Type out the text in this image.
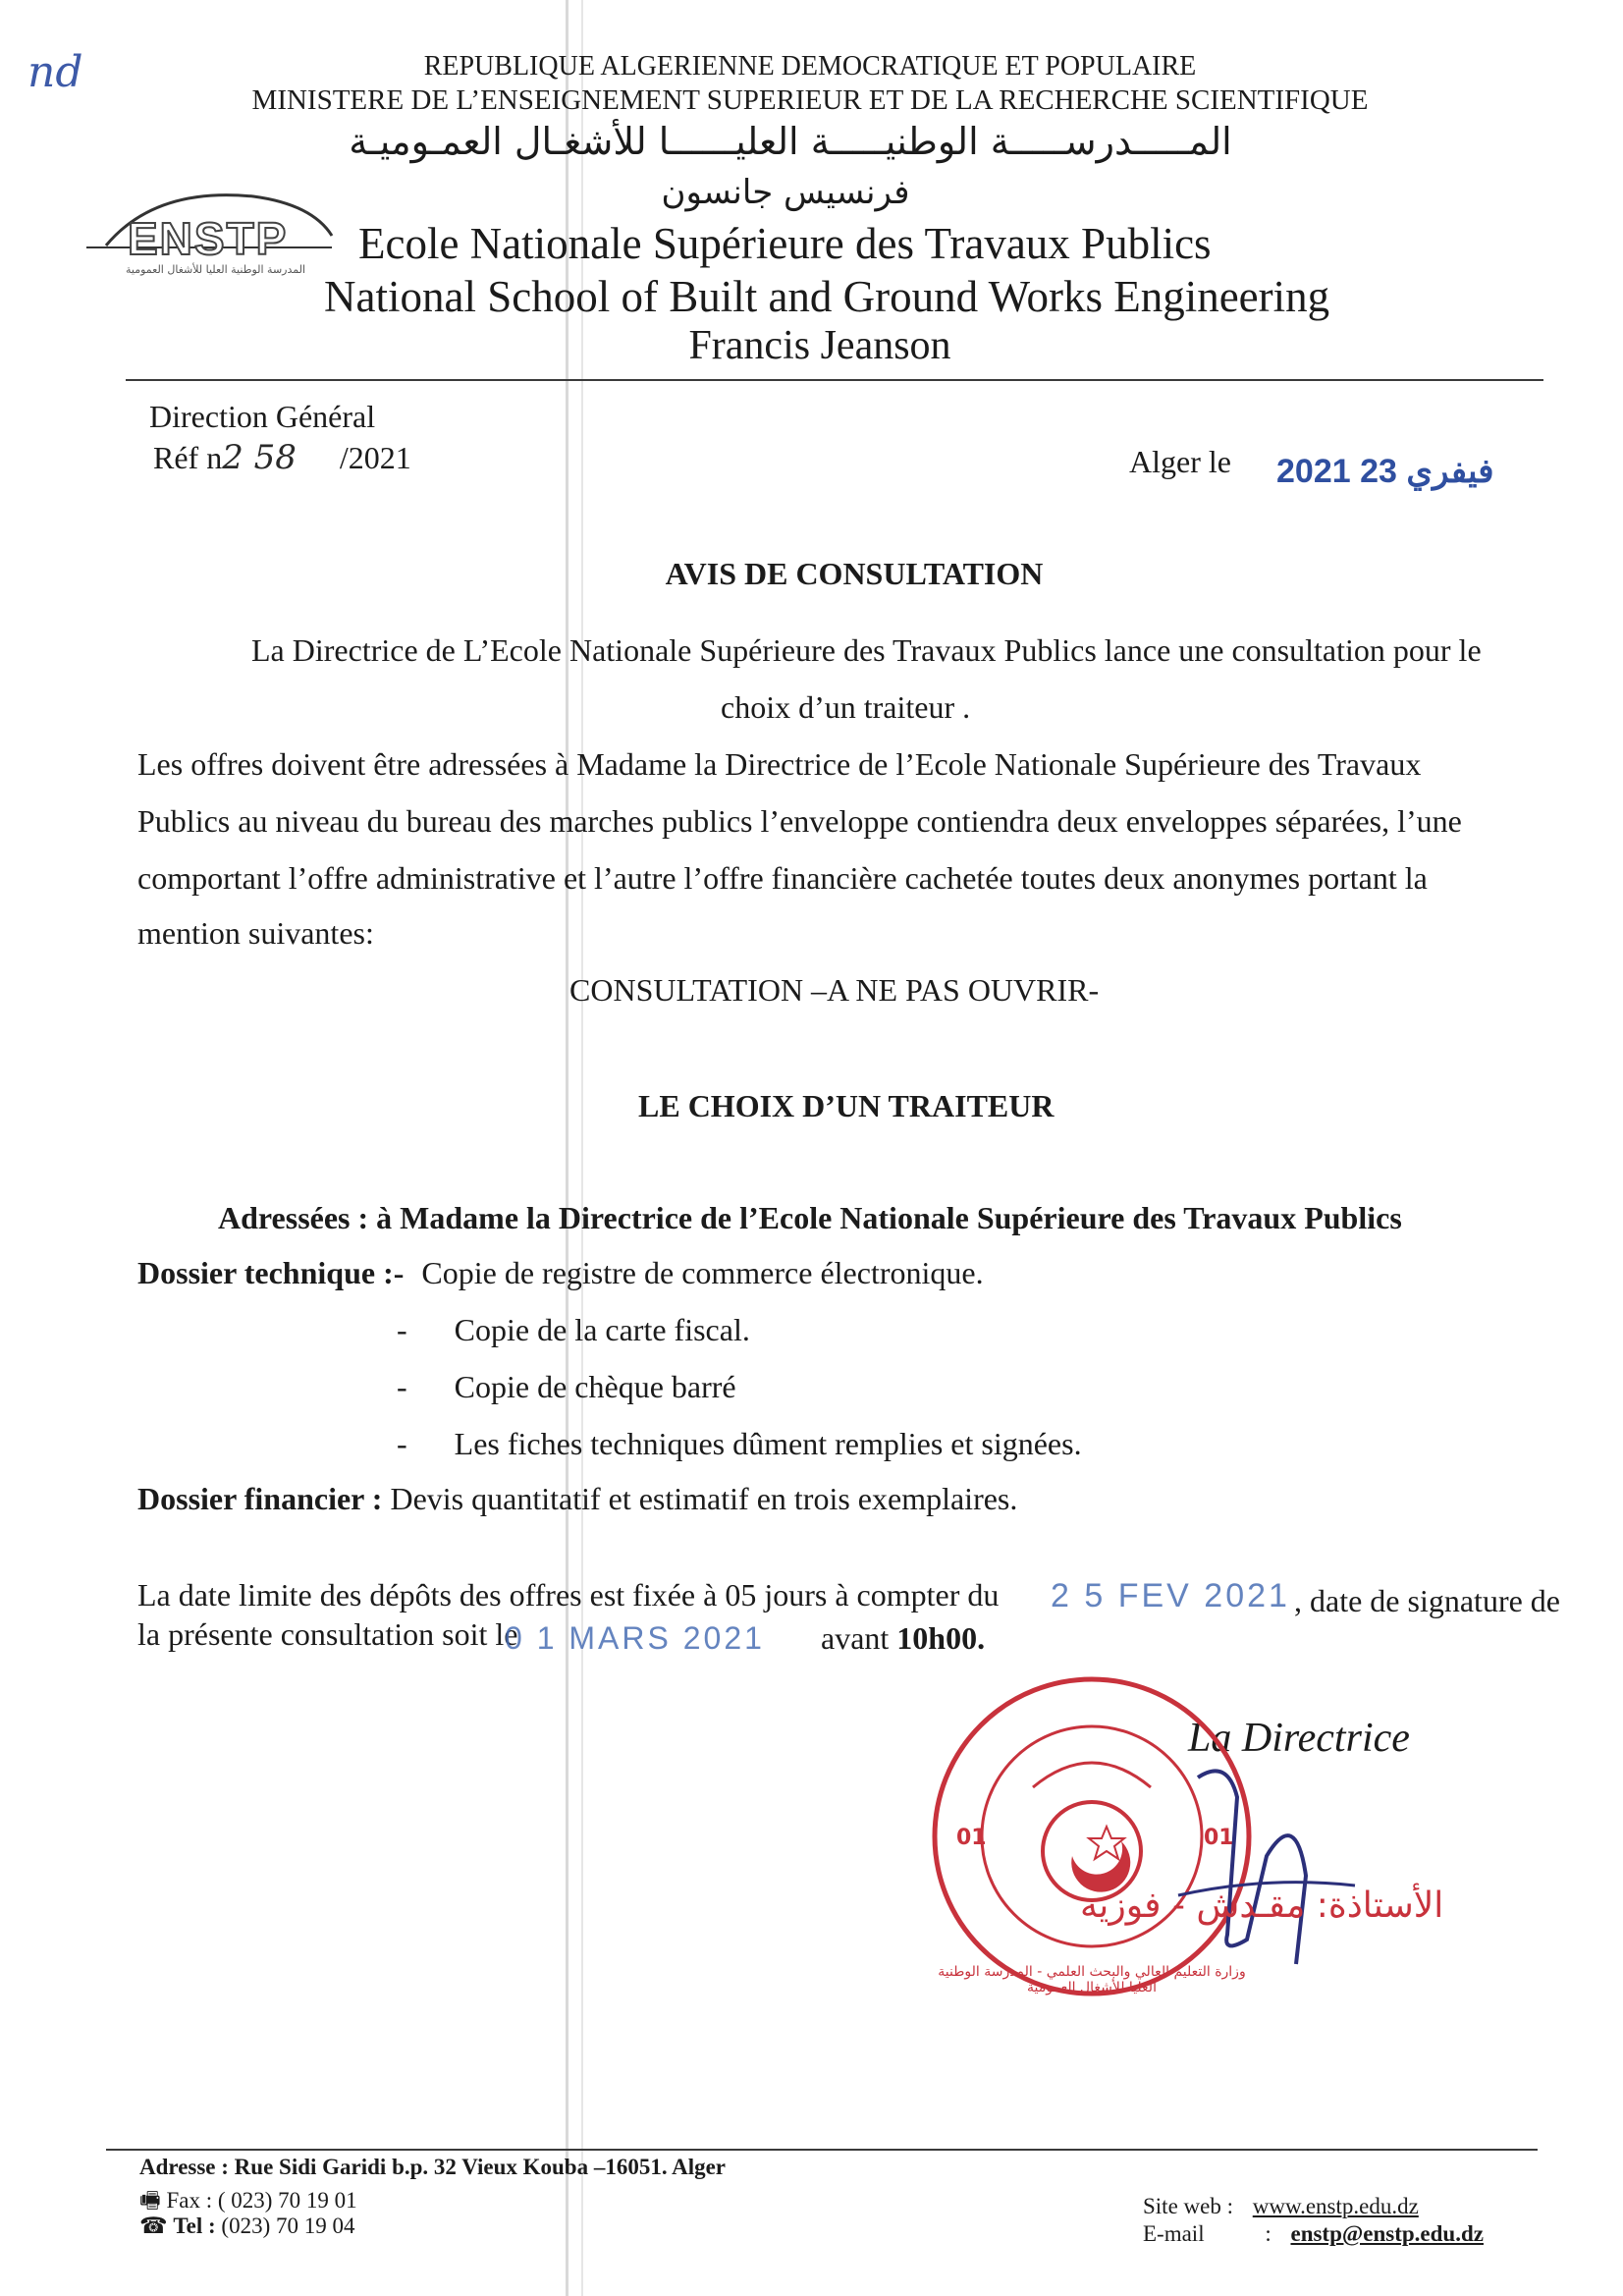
nd	REPUBLIQUE ALGERIENNE DEMOCRATIQUE ET POPULAIRE
MINISTERE DE L’ENSEIGNEMENT SUPERIEUR ET DE LA RECHERCHE SCIENTIFIQUE
المـــــدرســـــة الوطنيـــــة العليــــــا للأشغـال العمـوميـة
فرنسيس جانسون
ENSTP
المدرسة الوطنية العليا للأشغال العمومية
Ecole Nationale Supérieure des Travaux Publics
National School of Built and Ground Works Engineering
Francis Jeanson
Direction Général
Réf n2 58 /2021	Alger le 2021 فيفري 23
AVIS DE CONSULTATION
La Directrice de L’Ecole Nationale Supérieure des Travaux Publics lance une consultation pour le
choix d’un traiteur .
Les offres doivent être adressées à Madame la Directrice de l’Ecole Nationale Supérieure des Travaux
Publics au niveau du bureau des marches publics l’enveloppe contiendra deux enveloppes séparées, l’une
comportant l’offre administrative et l’autre l’offre financière cachetée toutes deux anonymes portant la
mention suivantes:
CONSULTATION –A NE PAS OUVRIR-
LE CHOIX D’UN TRAITEUR
Adressées : à Madame la Directrice de l’Ecole Nationale Supérieure des Travaux Publics
Dossier technique :- Copie de registre de commerce électronique.
- Copie de la carte fiscal.
- Copie de chèque barré
- Les fiches techniques dûment remplies et signées.
Dossier financier : Devis quantitatif et estimatif en trois exemplaires.
La date limite des dépôts des offres est fixée à 05 jours à compter du 2 5 FEV 2021 , date de signature de
la présente consultation soit le
0 1 MARS 2021 avant 10h00.
La Directrice
01	01
وزارة التعليم العالي والبحث العلمي - المدرسة الوطنية العليا للأشغال العمومية
الأستاذة: مقـدش - فوزية
Adresse : Rue Sidi Garidi b.p. 32 Vieux Kouba –16051. Alger
🖷 Fax : ( 023) 70 19 01
☎ Tel : (023) 70 19 04
Site web : www.enstp.edu.dz
E-mail	: enstp@enstp.edu.dz
